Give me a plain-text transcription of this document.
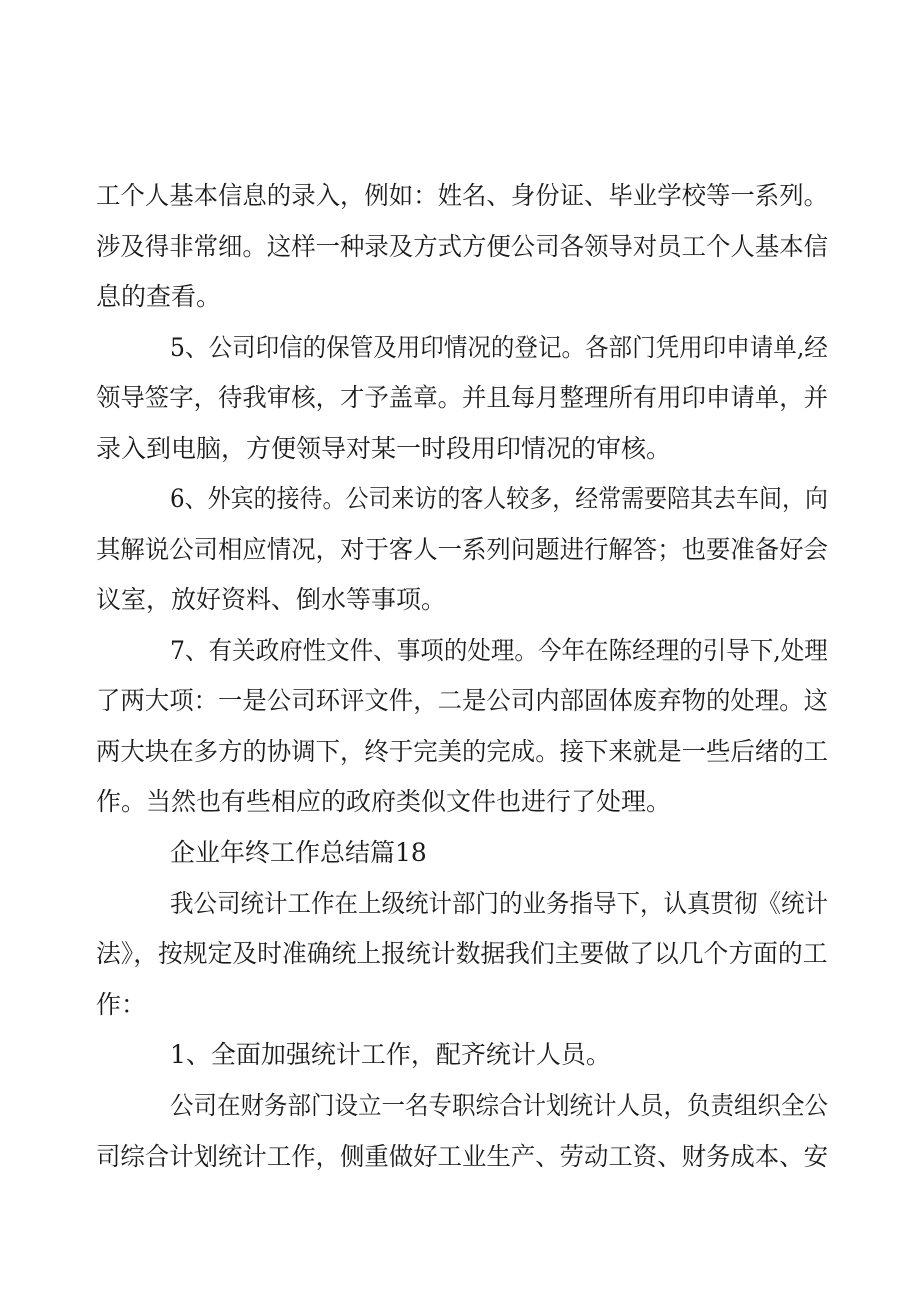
工个人基本信息的录入，例如：姓名、身份证、毕业学校等一系列。
涉及得非常细。这样一种录及方式方便公司各领导对员工个人基本信
息的查看。
5、公司印信的保管及用印情况的登记。各部门凭用印申请单,经
领导签字，待我审核，才予盖章。并且每月整理所有用印申请单，并
录入到电脑，方便领导对某一时段用印情况的审核。
6、外宾的接待。公司来访的客人较多，经常需要陪其去车间，向
其解说公司相应情况，对于客人一系列问题进行解答；也要准备好会
议室，放好资料、倒水等事项。
7、有关政府性文件、事项的处理。今年在陈经理的引导下,处理
了两大项：一是公司环评文件，二是公司内部固体废弃物的处理。这
两大块在多方的协调下，终于完美的完成。接下来就是一些后绪的工
作。当然也有些相应的政府类似文件也进行了处理。
企业年终工作总结篇18
我公司统计工作在上级统计部门的业务指导下，认真贯彻《统计
法》，按规定及时准确统上报统计数据我们主要做了以几个方面的工
作：
1、全面加强统计工作，配齐统计人员。
公司在财务部门设立一名专职综合计划统计人员，负责组织全公
司综合计划统计工作，侧重做好工业生产、劳动工资、财务成本、安
